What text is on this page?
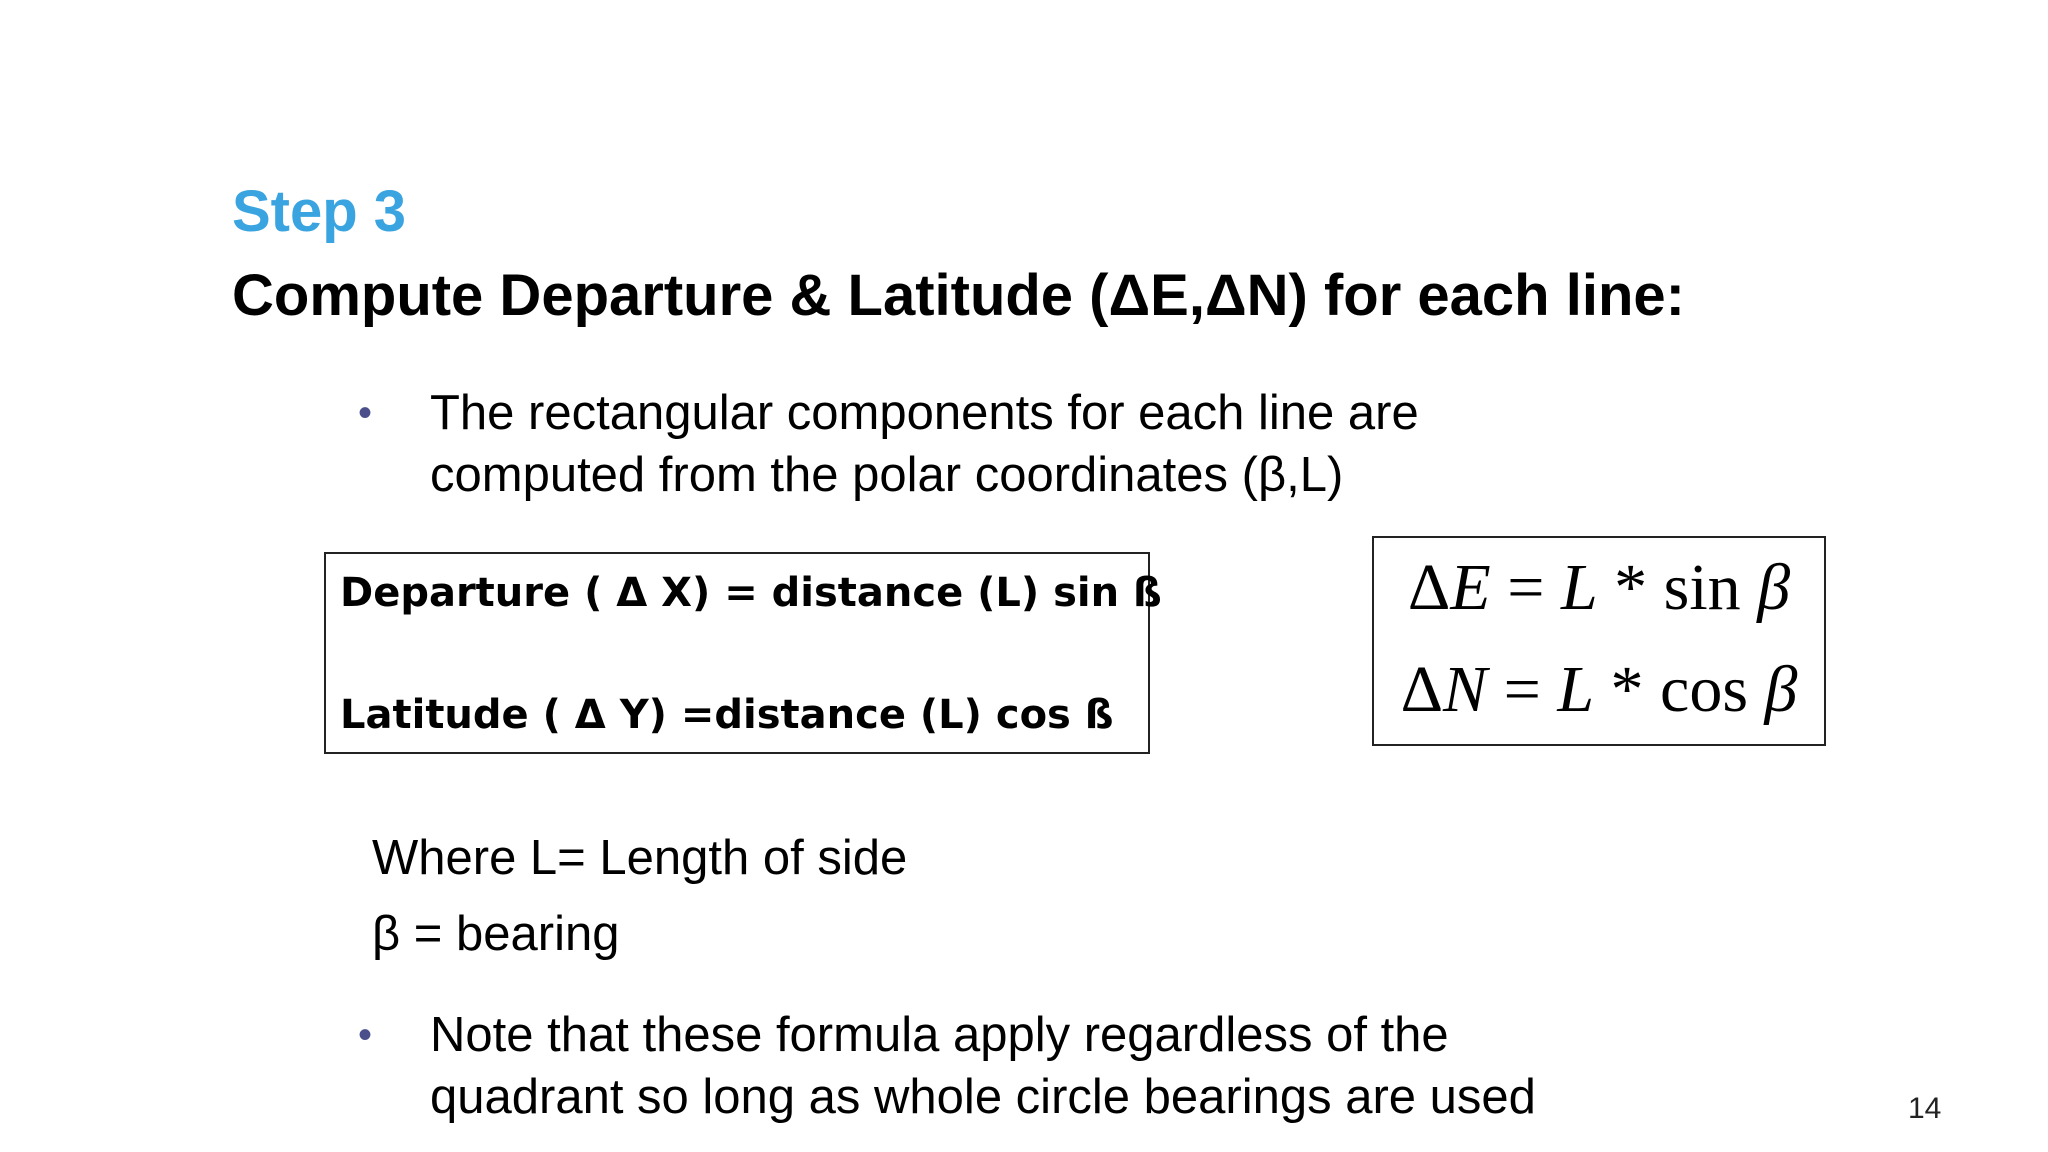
Step 3
Compute Departure & Latitude (ΔE,ΔN) for each line:
•	The rectangular components for each line are
computed from the polar coordinates (β,L)
Departure ( Δ X) = distance (L) sin ß
Latitude ( Δ Y) =distance (L) cos ß
ΔE = L * sin β
ΔN = L * cos β
Where L= Length of side
β = bearing
•	Note that these formula apply regardless of the
quadrant so long as whole circle bearings are used	14
